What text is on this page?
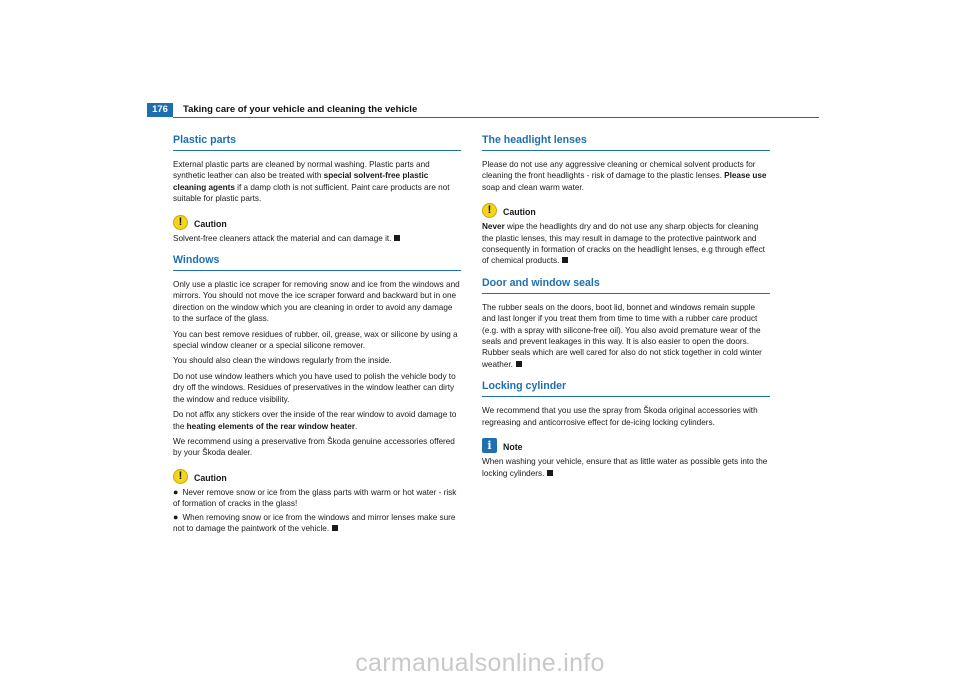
176	Taking care of your vehicle and cleaning the vehicle
Plastic parts

External plastic parts are cleaned by normal washing. Plastic parts and synthetic leather can also be treated with special solvent-free plastic cleaning agents if a damp cloth is not sufficient. Paint care products are not suitable for plastic parts.

!	Caution

Solvent-free cleaners attack the material and can damage it.

Windows

Only use a plastic ice scraper for removing snow and ice from the windows and mirrors. You should not move the ice scraper forward and backward but in one direction on the window which you are cleaning in order to avoid any damage to the surface of the glass.

You can best remove residues of rubber, oil, grease, wax or silicone by using a special window cleaner or a special silicone remover.

You should also clean the windows regularly from the inside.

Do not use window leathers which you have used to polish the vehicle body to dry off the windows. Residues of preservatives in the window leather can dirty the window and reduce visibility.

Do not affix any stickers over the inside of the rear window to avoid damage to the heating elements of the rear window heater.

We recommend using a preservative from Škoda genuine accessories offered by your Škoda dealer.

!	Caution

● Never remove snow or ice from the glass parts with warm or hot water - risk of formation of cracks in the glass!

● When removing snow or ice from the windows and mirror lenses make sure not to damage the paintwork of the vehicle.

The headlight lenses

Please do not use any aggressive cleaning or chemical solvent products for cleaning the front headlights - risk of damage to the plastic lenses. Please use soap and clean warm water.

!	Caution

Never wipe the headlights dry and do not use any sharp objects for cleaning the plastic lenses, this may result in damage to the protective paintwork and consequently in formation of cracks on the headlight lenses, e.g through effect of chemical products.

Door and window seals

The rubber seals on the doors, boot lid, bonnet and windows remain supple and last longer if you treat them from time to time with a rubber care product (e.g. with a spray with silicone-free oil). You also avoid premature wear of the seals and prevent leakages in this way. It is also easier to open the doors. Rubber seals which are well cared for also do not stick together in cold winter weather.

Locking cylinder

We recommend that you use the spray from Škoda original accessories with regreasing and anticorrosive effect for de-icing locking cylinders.

i	Note

When washing your vehicle, ensure that as little water as possible gets into the locking cylinders.

carmanualsonline.info
